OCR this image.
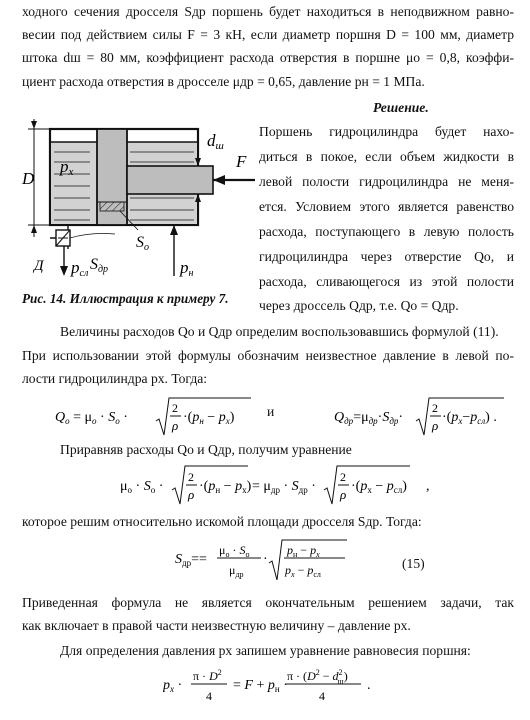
ходного сечения дросселя Sдр поршень будет находиться в неподвижном равно-
весии под действием силы F = 3 кН, если диаметр поршня D = 100 мм, диаметр
штока dш = 80 мм, коэффициент расхода отверстия в поршне μо = 0,8, коэффи-
циент расхода отверстия в дросселе μдр = 0,65, давление рн = 1 МПа.
Решение.
Поршень гидроцилиндра будет нахо-
диться в покое, если объем жидкости в
левой полости гидроцилиндра не меня-
ется. Условием этого является равенство
расхода, поступающего в левую полость
гидроцилиндра через отверстие Qо, и
расхода, сливающегося из этой полости
через дроссель Qдр, т.е. Qо = Qдр.
D
px
dш
F
Sо
Д pсл
Sдр	pн
Рис. 14. Иллюстрация к примеру 7.
Величины расходов Qо и Qдр определим воспользовавшись формулой (11).
При использовании этой формулы обозначим неизвестное давление в левой по-
лости гидроцилиндра рx. Тогда:
$Q_о = \mu_о \cdot S_о$ ·
2
ρ
$\cdot(p_н - p_x)$ и	$Q_{др}=\mu_{др}\cdot S_{др}\cdot$
2
ρ
$\cdot(p_x-p_{сл})$ .
Приравняв расходы Qо и Qдр, получим уравнение
$\mu_о \cdot S_о$ ·
2
ρ
$\cdot(p_н - p_x) = \mu_{др} \cdot S_{др}$ ·
2
ρ
$\cdot(p_x - p_{сл})$ ,
которое решим относительно искомой площади дросселя Sдр. Тогда:
$S_{др}==$
$\mu_о \cdot S_о$
$\mu_{др}$
·
$p_н - p_x$
$p_x - p_{сл}$
(15)
Приведенная формула не является окончательным решением задачи, так
как включает в правой части неизвестную величину – давление рx.
Для определения давления рx запишем уравнение равновесия поршня:
$p_x$ ·
$\pi \cdot D^2$
4
= $F + p_н$ ·
$\pi \cdot (D^2 - d^2$ ш)
4
.
